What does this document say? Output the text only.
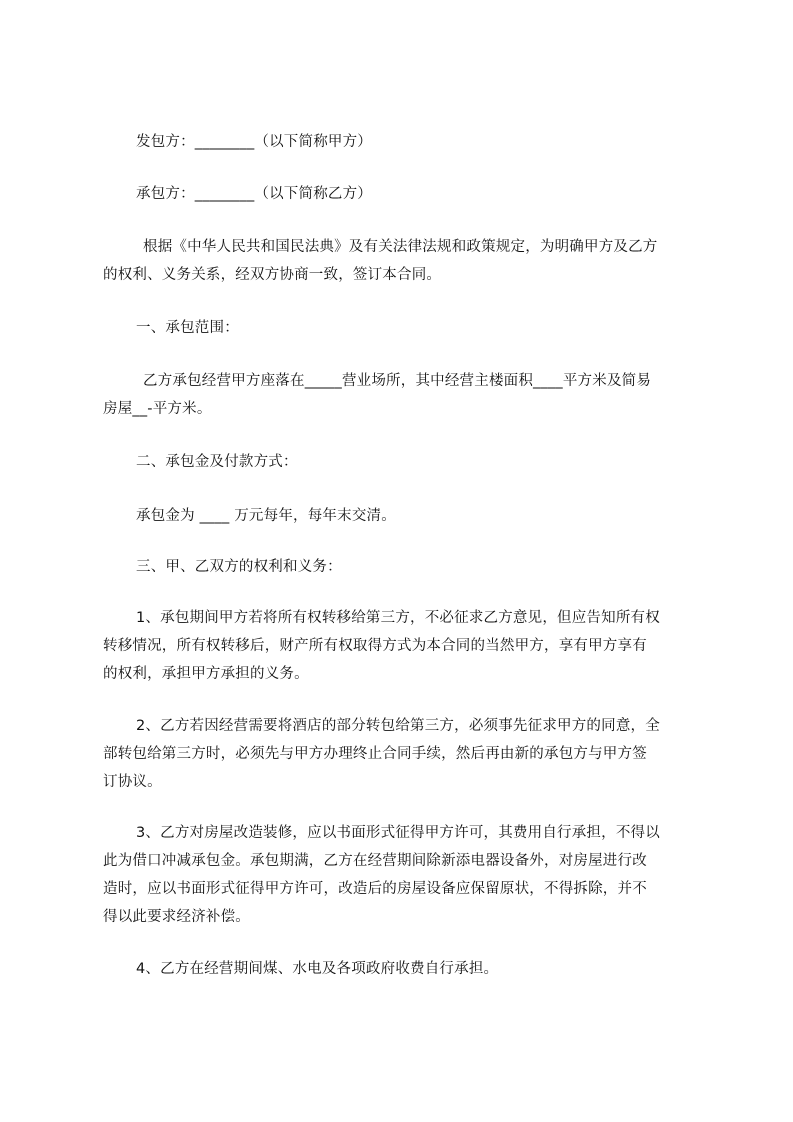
发包方：________（以下简称甲方）
承包方：________（以下简称乙方）
根据《中华人民共和国民法典》及有关法律法规和政策规定，为明确甲方及乙方
的权利、义务关系，经双方协商一致，签订本合同。
一、承包范围：
乙方承包经营甲方座落在_____营业场所，其中经营主楼面积____平方米及简易
房屋__-平方米。
二、承包金及付款方式：
承包金为 ____ 万元每年，每年末交清。
三、甲、乙双方的权利和义务：
1、承包期间甲方若将所有权转移给第三方，不必征求乙方意见，但应告知所有权
转移情况，所有权转移后，财产所有权取得方式为本合同的当然甲方，享有甲方享有
的权利，承担甲方承担的义务。
2、乙方若因经营需要将酒店的部分转包给第三方，必须事先征求甲方的同意，全
部转包给第三方时，必须先与甲方办理终止合同手续，然后再由新的承包方与甲方签
订协议。
3、乙方对房屋改造装修，应以书面形式征得甲方许可，其费用自行承担，不得以
此为借口冲减承包金。承包期满，乙方在经营期间除新添电器设备外，对房屋进行改
造时，应以书面形式征得甲方许可，改造后的房屋设备应保留原状，不得拆除，并不
得以此要求经济补偿。
4、乙方在经营期间煤、水电及各项政府收费自行承担。
